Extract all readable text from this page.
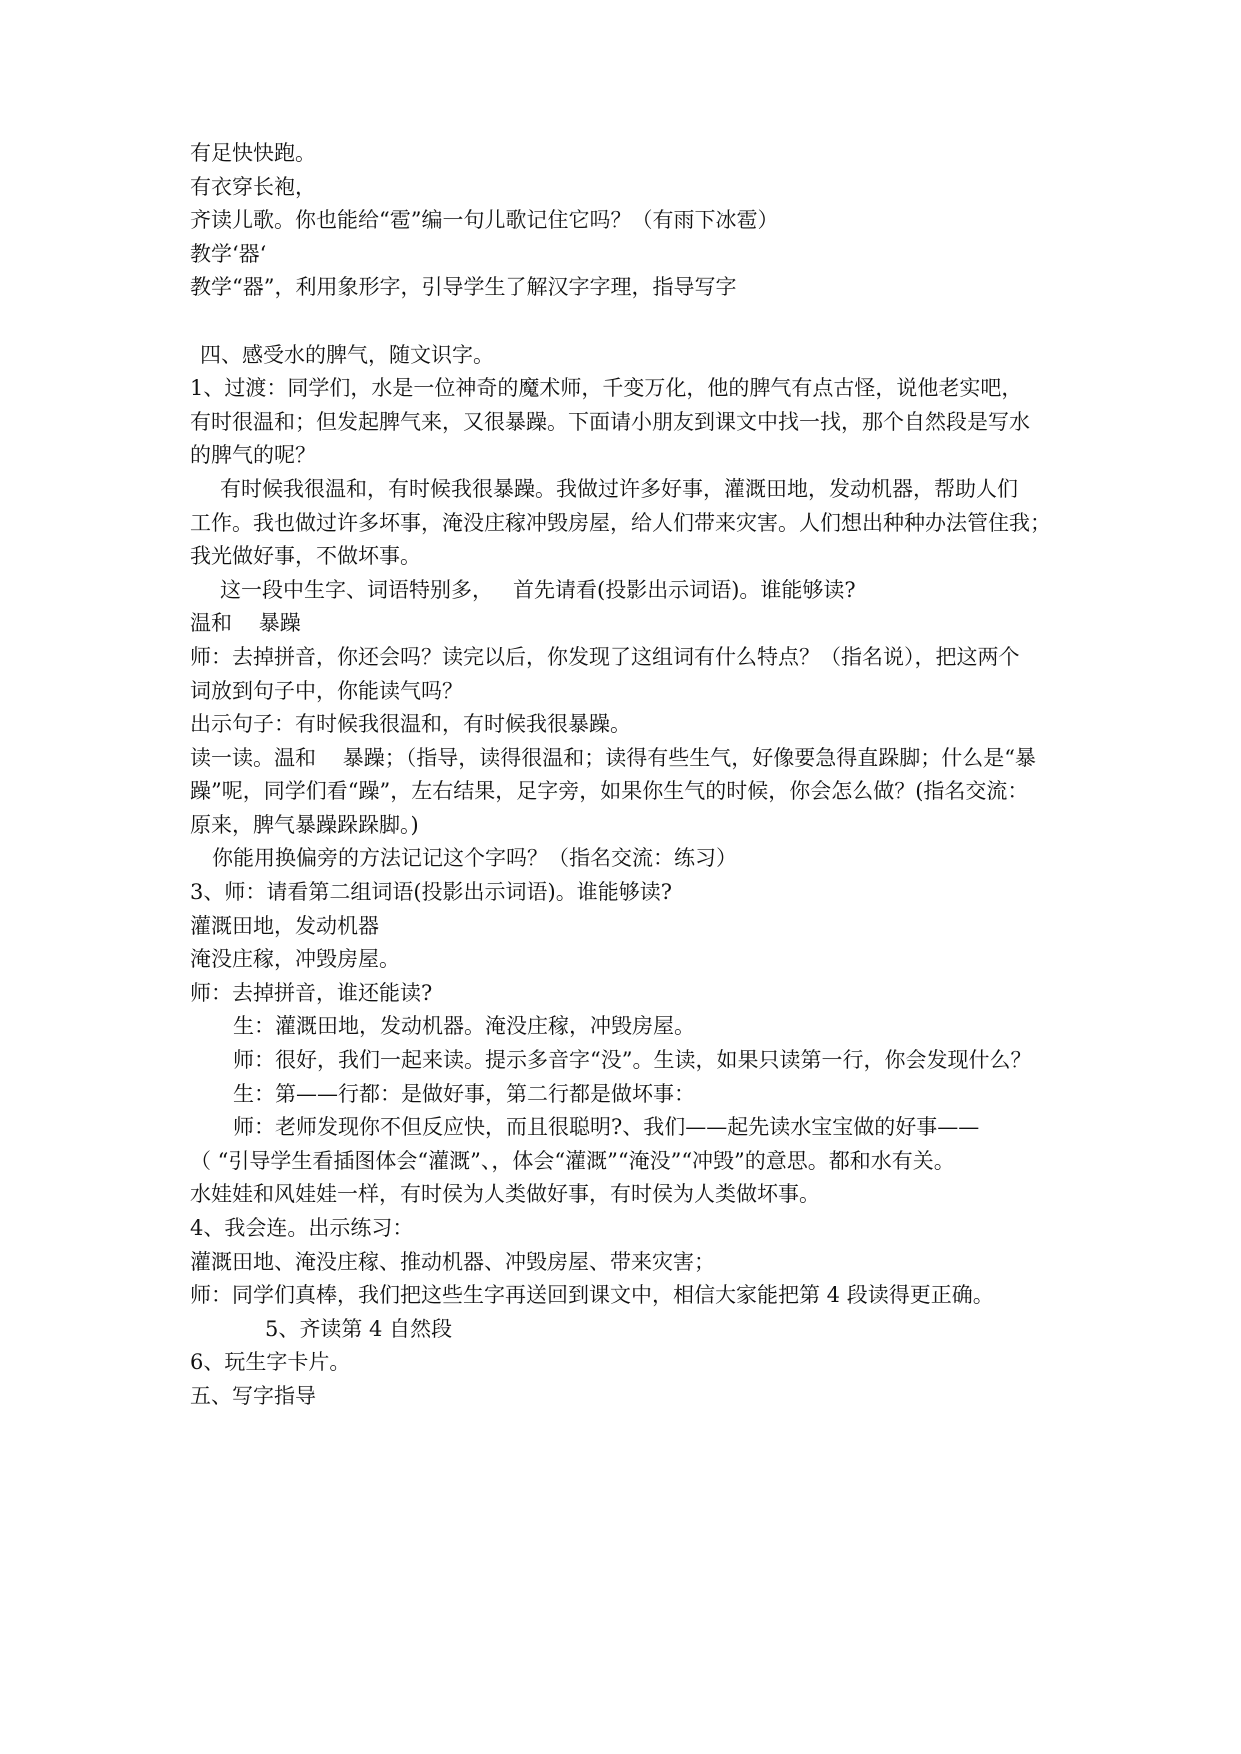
有足快快跑。
有衣穿长袍，
齐读儿歌。你也能给“雹”编一句儿歌记住它吗？（有雨下冰雹）
教学‘器‘
教学“器”，利用象形字，引导学生了解汉字字理，指导写字
四、感受水的脾气，随文识字。
1、过渡：同学们，水是一位神奇的魔术师，千变万化，他的脾气有点古怪，说他老实吧，
有时很温和；但发起脾气来，又很暴躁。下面请小朋友到课文中找一找，那个自然段是写水
的脾气的呢？
有时候我很温和，有时候我很暴躁。我做过许多好事，灌溉田地，发动机器，帮助人们
工作。我也做过许多坏事，淹没庄稼冲毁房屋，给人们带来灾害。人们想出种种办法管住我；
我光做好事，不做坏事。
这一段中生字、词语特别多，   首先请看(投影出示词语)。谁能够读?
温和    暴躁
师：去掉拼音，你还会吗？读完以后，你发现了这组词有什么特点？（指名说），把这两个
词放到句子中，你能读气吗？
出示句子：有时候我很温和，有时候我很暴躁。
读一读。温和    暴躁；（指导，读得很温和；读得有些生气，好像要急得直跺脚；什么是“暴
躁”呢，同学们看“躁”，左右结果，足字旁，如果你生气的时候，你会怎么做？(指名交流：
原来，脾气暴躁跺跺脚。)
你能用换偏旁的方法记记这个字吗？（指名交流：练习）
3、师：请看第二组词语(投影出示词语)。谁能够读?
灌溉田地，发动机器
淹没庄稼，冲毁房屋。
师：去掉拼音，谁还能读?
生：灌溉田地，发动机器。淹没庄稼，冲毁房屋。
师：很好，我们一起来读。提示多音字“没”。生读，如果只读第一行，你会发现什么？
生：第——行都：是做好事，第二行都是做坏事：
师：老师发现你不但反应快，而且很聪明?、我们——起先读水宝宝做的好事——
（ “引导学生看插图体会“灌溉”、，体会“灌溉”“淹没”“冲毁”的意思。都和水有关。
水娃娃和风娃娃一样，有时侯为人类做好事，有时侯为人类做坏事。
4、我会连。出示练习：
灌溉田地、淹没庄稼、推动机器、冲毁房屋、带来灾害；
师：同学们真棒，我们把这些生字再送回到课文中，相信大家能把第 4 段读得更正确。
5、齐读第 4 自然段
6、玩生字卡片。
五、写字指导
